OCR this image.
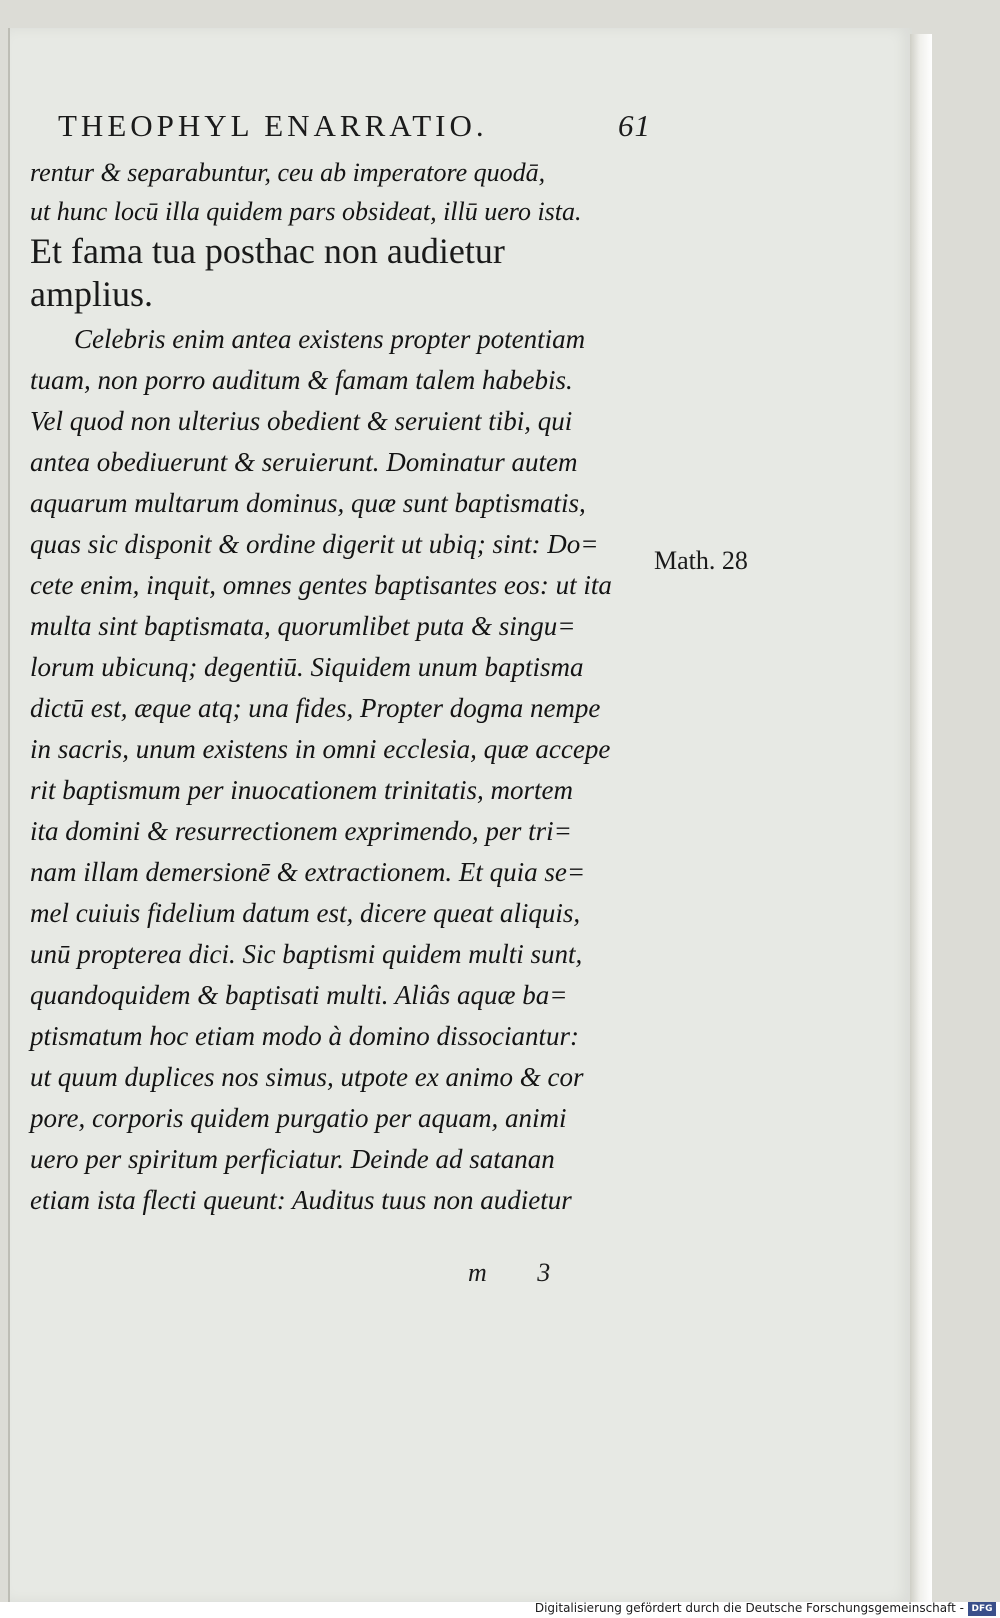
THEOPHYL ENARRATIO.	61
rentur & separabuntur, ceu ab imperatore quodā,
ut hunc locū illa quidem pars obsideat, illū uero ista.
Et fama tua posthac non audietur
amplius.
Celebris enim antea existens propter potentiam
tuam, non porro auditum & famam talem habebis.
Vel quod non ulterius obedient & seruient tibi, qui
antea obediuerunt & seruierunt. Dominatur autem
aquarum multarum dominus, quæ sunt baptismatis,
quas sic disponit & ordine digerit ut ubiq; sint: Do=
cete enim, inquit, omnes gentes baptisantes eos: ut ita
multa sint baptismata, quorumlibet puta & singu=
lorum ubicunq; degentiū. Siquidem unum baptisma
dictū est, æque atq; una fides, Propter dogma nempe
in sacris, unum existens in omni ecclesia, quæ accepe
rit baptismum per inuocationem trinitatis, mortem
ita domini & resurrectionem exprimendo, per tri=
nam illam demersionē & extractionem. Et quia se=
mel cuiuis fidelium datum est, dicere queat aliquis,
unū propterea dici. Sic baptismi quidem multi sunt,
quandoquidem & baptisati multi. Aliâs aquæ ba=
ptismatum hoc etiam modo à domino dissociantur:
ut quum duplices nos simus, utpote ex animo & cor
pore, corporis quidem purgatio per aquam, animi
uero per spiritum perficiatur. Deinde ad satanan
etiam ista flecti queunt: Auditus tuus non audietur
Math. 28
m 3
Digitalisierung gefördert durch die Deutsche Forschungsgemeinschaft - DFG
